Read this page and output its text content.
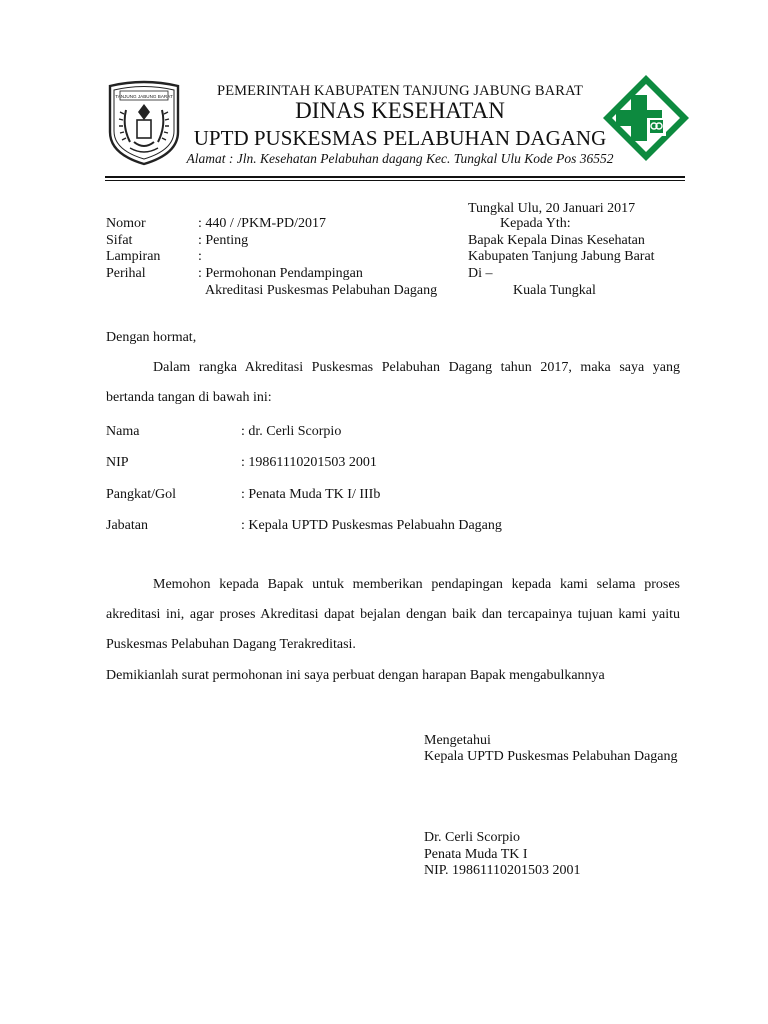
TANJUNG JABUNG BARAT	PEMERINTAH KABUPATEN TANJUNG JABUNG BARAT
DINAS KESEHATAN
UPTD PUSKESMAS PELABUHAN DAGANG
Alamat : Jln. Kesehatan Pelabuhan dagang Kec. Tungkal Ulu Kode Pos 36552
Tungkal Ulu, 20 Januari 2017
Nomor	: 440 / /PKM-PD/2017
Sifat	: Penting
Lampiran	:
Perihal	: Permohonan Pendampingan
Akreditasi Puskesmas Pelabuhan Dagang
Kepada Yth:
Bapak Kepala Dinas Kesehatan
Kabupaten Tanjung Jabung Barat
Di –
Kuala Tungkal
Dengan hormat,
Dalam rangka Akreditasi Puskesmas Pelabuhan Dagang tahun 2017, maka saya yang bertanda tangan di bawah ini:
Nama	: dr. Cerli Scorpio
NIP	: 19861110201503 2001
Pangkat/Gol	: Penata Muda TK I/ IIIb
Jabatan	: Kepala UPTD Puskesmas Pelabuahn Dagang
Memohon kepada Bapak untuk memberikan pendapingan kepada kami selama proses akreditasi ini, agar proses Akreditasi dapat bejalan dengan baik dan tercapainya tujuan kami yaitu Puskesmas Pelabuhan Dagang Terakreditasi.
Demikianlah surat permohonan ini saya perbuat dengan harapan Bapak mengabulkannya
Mengetahui
Kepala UPTD Puskesmas Pelabuhan Dagang
Dr. Cerli Scorpio
Penata Muda TK I
NIP. 19861110201503 2001
